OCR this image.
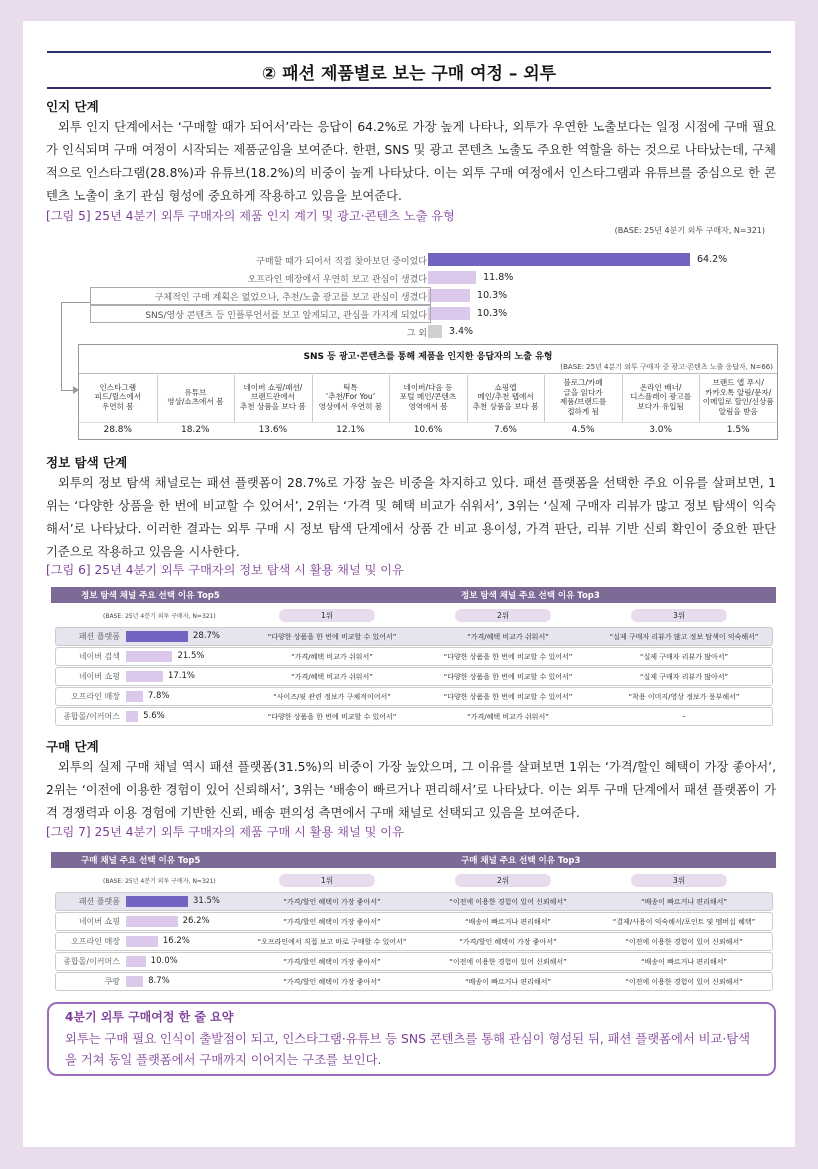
② 패션 제품별로 보는 구매 여정 – 외투
인지 단계
외투 인지 단계에서는 ‘구매할 때가 되어서’라는 응답이 64.2%로 가장 높게 나타나, 외투가 우연한 노출보다는 일정 시점에 구매 필요가 인식되며 구매 여정이 시작되는 제품군임을 보여준다. 한편, SNS 및 광고 콘텐츠 노출도 주요한 역할을 하는 것으로 나타났는데, 구체적으로 인스타그램(28.8%)과 유튜브(18.2%)의 비중이 높게 나타났다. 이는 외투 구매 여정에서 인스타그램과 유튜브를 중심으로 한 콘텐츠 노출이 초기 관심 형성에 중요하게 작용하고 있음을 보여준다.
[그림 5] 25년 4분기 외투 구매자의 제품 인지 계기 및 광고·콘텐츠 노출 유형
(BASE: 25년 4분기 외투 구매자, N=321)
구매할 때가 되어서 직접 찾아보던 중이었다	64.2%
오프라인 매장에서 우연히 보고 관심이 생겼다	11.8%
구체적인 구매 계획은 없었으나, 추천/노출 광고를 보고 관심이 생겼다	10.3%
SNS/영상 콘텐츠 등 인플루언서를 보고 알게되고, 관심을 가지게 되었다	10.3%
그 외 3.4%
SNS 등 광고·콘텐츠를 통해 제품을 인지한 응답자의 노출 유형
(BASE: 25년 4분기 외투 구매자 중 광고·콘텐츠 노출 응답자, N=66)
인스타그램
피드/릴스에서
우연히 봄
28.8%
유튜브
영상/쇼츠에서 봄
18.2%
네이버 쇼핑/패션/
브랜드관에서
추천 상품을 보다 봄
13.6%
틱톡
‘추천/For You’
영상에서 우연히 봄
12.1%
네이버/다음 등
포털 메인/콘텐츠
영역에서 봄
10.6%
쇼핑앱
메인/추천 탭에서
추천 상품을 보다 봄
7.6%
블로그/카페
글을 읽다가
제품/브랜드를
접하게 됨
4.5%
온라인 배너/
디스플레이 광고를
보다가 유입됨
3.0%
브랜드 앱 푸시/
카카오톡 알림/문자/
이메일로 할인/신상품
알림을 받음
1.5%
정보 탐색 단계
외투의 정보 탐색 채널로는 패션 플랫폼이 28.7%로 가장 높은 비중을 차지하고 있다. 패션 플랫폼을 선택한 주요 이유를 살펴보면, 1위는 ‘다양한 상품을 한 번에 비교할 수 있어서’, 2위는 ‘가격 및 혜택 비교가 쉬워서’, 3위는 ‘실제 구매자 리뷰가 많고 정보 탐색이 익숙해서’로 나타났다. 이러한 결과는 외투 구매 시 정보 탐색 단계에서 상품 간 비교 용이성, 가격 판단, 리뷰 기반 신뢰 확인이 중요한 판단 기준으로 작용하고 있음을 시사한다.
[그림 6] 25년 4분기 외투 구매자의 정보 탐색 시 활용 채널 및 이유
정보 탐색 채널 주요 선택 이유 Top5	정보 탐색 채널 주요 선택 이유 Top3
(BASE: 25년 4분기 외투 구매자, N=321)	1위	2위	3위
패션 플랫폼	28.7%	“다양한 상품을 한 번에 비교할 수 있어서”	“가격/혜택 비교가 쉬워서”	“실제 구매자 리뷰가 많고 정보 탐색이 익숙해서”
네이버 검색	21.5%	“가격/혜택 비교가 쉬워서”	“다양한 상품을 한 번에 비교할 수 있어서”	“실제 구매자 리뷰가 많아서”
네이버 쇼핑	17.1%	“가격/혜택 비교가 쉬워서”	“다양한 상품을 한 번에 비교할 수 있어서”	“실제 구매자 리뷰가 많아서”
오프라인 매장	7.8%	“사이즈/핏 관련 정보가 구체적이어서”	“다양한 상품을 한 번에 비교할 수 있어서”	“착용 이미지/영상 정보가 풍부해서”
종합몰/이커머스	5.6%	“다양한 상품을 한 번에 비교할 수 있어서”	“가격/혜택 비교가 쉬워서”	–
구매 단계
외투의 실제 구매 채널 역시 패션 플랫폼(31.5%)의 비중이 가장 높았으며, 그 이유를 살펴보면 1위는 ‘가격/할인 혜택이 가장 좋아서’, 2위는 ‘이전에 이용한 경험이 있어 신뢰해서’, 3위는 ‘배송이 빠르거나 편리해서’로 나타났다. 이는 외투 구매 단계에서 패션 플랫폼이 가격 경쟁력과 이용 경험에 기반한 신뢰, 배송 편의성 측면에서 구매 채널로 선택되고 있음을 보여준다.
[그림 7] 25년 4분기 외투 구매자의 제품 구매 시 활용 채널 및 이유
구매 채널 주요 선택 이유 Top5	구매 채널 주요 선택 이유 Top3
(BASE: 25년 4분기 외투 구매자, N=321)	1위	2위	3위
패션 플랫폼	31.5%	“가격/할인 혜택이 가장 좋아서”	“이전에 이용한 경험이 있어 신뢰해서”	“배송이 빠르거나 편리해서”
네이버 쇼핑	26.2%	“가격/할인 혜택이 가장 좋아서”	“배송이 빠르거나 편리해서”	“결제/사용이 익숙해서/포인트 및 멤버십 혜택”
오프라인 매장	16.2%	“오프라인에서 직접 보고 바로 구매할 수 있어서”	“가격/할인 혜택이 가장 좋아서”	“이전에 이용한 경험이 있어 신뢰해서”
종합몰/이커머스	10.0%	“가격/할인 혜택이 가장 좋아서”	“이전에 이용한 경험이 있어 신뢰해서”	“배송이 빠르거나 편리해서”
쿠팡	8.7%	“가격/할인 혜택이 가장 좋아서”	“배송이 빠르거나 편리해서”	“이전에 이용한 경험이 있어 신뢰해서”
4분기 외투 구매여정 한 줄 요약
외투는 구매 필요 인식이 출발점이 되고, 인스타그램·유튜브 등 SNS 콘텐츠를 통해 관심이 형성된 뒤, 패션 플랫폼에서 비교·탐색을 거쳐 동일 플랫폼에서 구매까지 이어지는 구조를 보인다.
